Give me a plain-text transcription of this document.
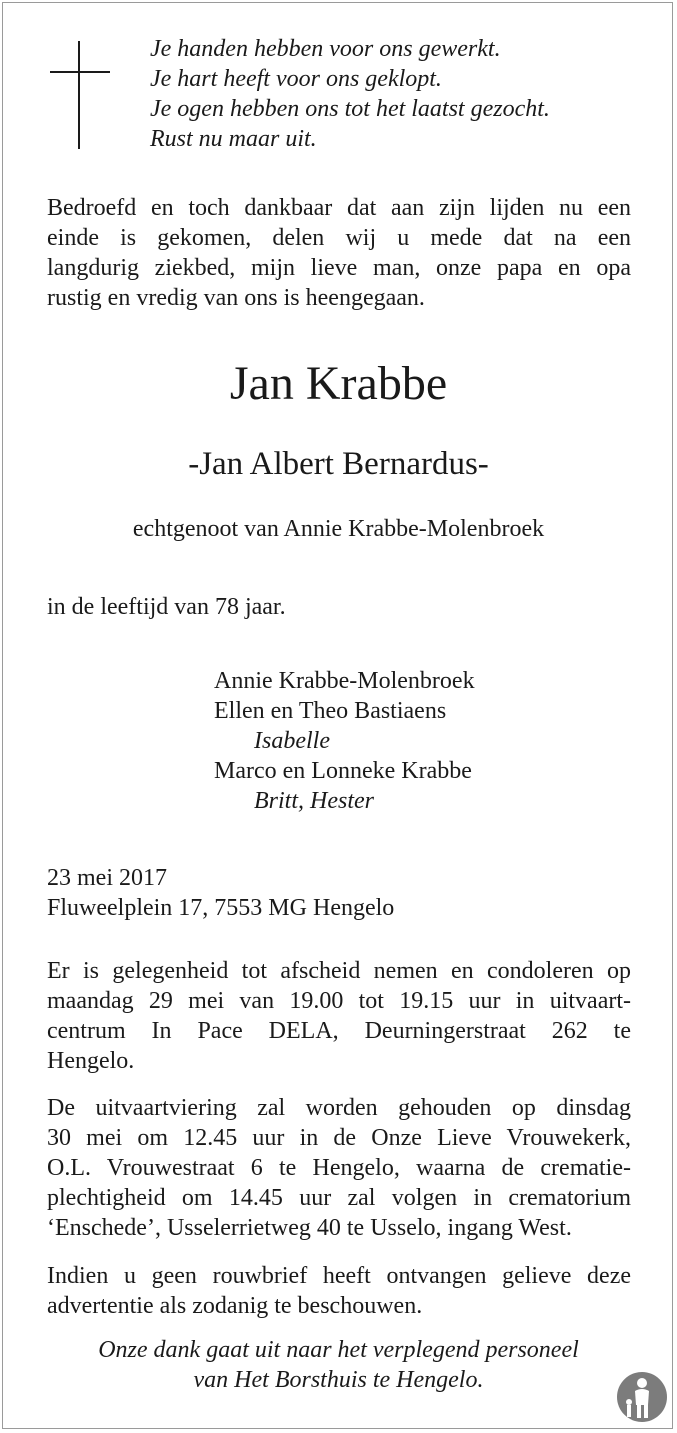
Je handen hebben voor ons gewerkt.
Je hart heeft voor ons geklopt.
Je ogen hebben ons tot het laatst gezocht.
Rust nu maar uit.
Bedroefd en toch dankbaar dat aan zijn lijden nu een
einde is gekomen, delen wij u mede dat na een
langdurig ziekbed, mijn lieve man, onze papa en opa
rustig en vredig van ons is heengegaan.
Jan Krabbe
-Jan Albert Bernardus-
echtgenoot van Annie Krabbe-Molenbroek
in de leeftijd van 78 jaar.
Annie Krabbe-Molenbroek
Ellen en Theo Bastiaens
Isabelle
Marco en Lonneke Krabbe
Britt, Hester
23 mei 2017
Fluweelplein 17, 7553 MG Hengelo
Er is gelegenheid tot afscheid nemen en condoleren op
maandag 29 mei van 19.00 tot 19.15 uur in uitvaart-
centrum In Pace DELA, Deurningerstraat 262 te
Hengelo.
De uitvaartviering zal worden gehouden op dinsdag
30 mei om 12.45 uur in de Onze Lieve Vrouwekerk,
O.L. Vrouwestraat 6 te Hengelo, waarna de crematie-
plechtigheid om 14.45 uur zal volgen in crematorium
‘Enschede’, Usselerrietweg 40 te Usselo, ingang West.
Indien u geen rouwbrief heeft ontvangen gelieve deze
advertentie als zodanig te beschouwen.
Onze dank gaat uit naar het verplegend personeel
van Het Borsthuis te Hengelo.
